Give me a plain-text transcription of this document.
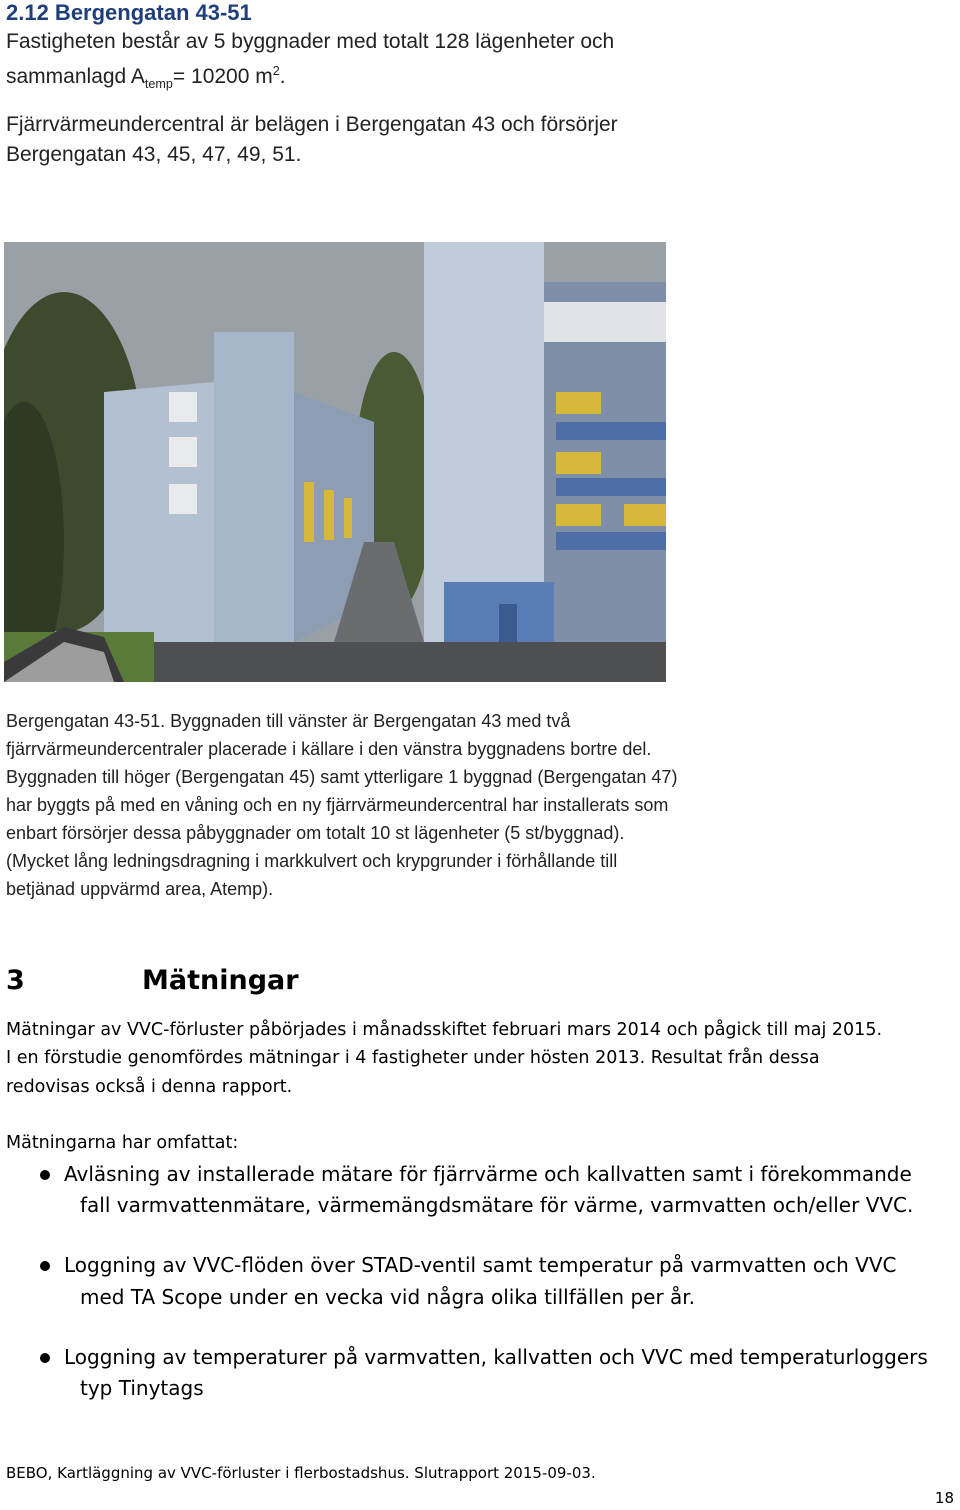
2.12 Bergengatan 43-51
Fastigheten består av 5 byggnader med totalt 128 lägenheter och
sammanlagd $A_{temp}= 10200$ $m^2$.
Fjärrvärmeundercentral är belägen i Bergengatan 43 och försörjer
Bergengatan 43, 45, 47, 49, 51.
Bergengatan 43-51. Byggnaden till vänster är Bergengatan 43 med två
fjärrvärmeundercentraler placerade i källare i den vänstra byggnadens bortre del.
Byggnaden till höger (Bergengatan 45) samt ytterligare 1 byggnad (Bergengatan 47)
har byggts på med en våning och en ny fjärrvärmeundercentral har installerats som
enbart försörjer dessa påbyggnader om totalt 10 st lägenheter (5 st/byggnad).
(Mycket lång ledningsdragning i markkulvert och krypgrunder i förhållande till
betjänad uppvärmd area, Atemp).
3	Mätningar
Mätningar av VVC-förluster påbörjades i månadsskiftet februari mars 2014 och pågick till maj 2015.
I en förstudie genomfördes mätningar i 4 fastigheter under hösten 2013. Resultat från dessa
redovisas också i denna rapport.
Mätningarna har omfattat:
Avläsning av installerade mätare för fjärrvärme och kallvatten samt i förekommande
fall varmvattenmätare, värmemängdsmätare för värme, varmvatten och/eller VVC.
Loggning av VVC-flöden över STAD-ventil samt temperatur på varmvatten och VVC
med TA Scope under en vecka vid några olika tillfällen per år.
Loggning av temperaturer på varmvatten, kallvatten och VVC med temperaturloggers
typ Tinytags
BEBO, Kartläggning av VVC-förluster i flerbostadshus. Slutrapport 2015-09-03.
18
